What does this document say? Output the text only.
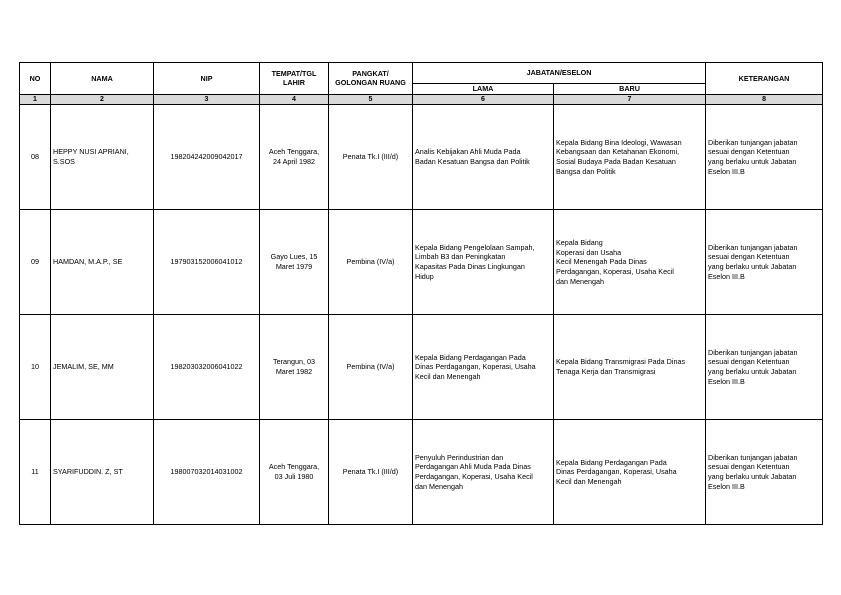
NO	NAMA	NIP	TEMPAT/TGL
LAHIR	PANGKAT/
GOLONGAN RUANG	JABATAN/ESELON		KETERANGAN
					LAMA	BARU	
1	2	3	4	5	6	7	8
08	HEPPY NUSI APRIANI,
S.SOS	198204242009042017	Aceh Tenggara,
24 April 1982	Penata Tk.I (III/d)	Analis Kebijakan Ahli Muda Pada
Badan Kesatuan Bangsa dan Politik	Kepala Bidang Bina Ideologi, Wawasan
Kebangsaan dan Ketahanan Ekonomi,
Sosial Budaya Pada Badan Kesatuan
Bangsa dan Politik	Diberikan tunjangan jabatan
sesuai dengan Ketentuan
yang berlaku untuk Jabatan
Eselon III.B
09	HAMDAN, M.A.P., SE	197903152006041012	Gayo Lues, 15
Maret 1979	Pembina (IV/a)	Kepala Bidang Pengelolaan Sampah,
Limbah B3 dan Peningkatan
Kapasitas Pada Dinas Lingkungan
Hidup	Kepala Bidang
Koperasi dan Usaha
Kecil Menengah Pada Dinas
Perdagangan, Koperasi, Usaha Kecil
dan Menengah	Diberikan tunjangan jabatan
sesuai dengan Ketentuan
yang berlaku untuk Jabatan
Eselon III.B
10	JEMALIM, SE, MM	198203032006041022	Terangun, 03
Maret 1982	Pembina (IV/a)	Kepala Bidang Perdagangan Pada
Dinas Perdagangan, Koperasi, Usaha
Kecil dan Menengah	Kepala Bidang Transmigrasi Pada Dinas
Tenaga Kerja dan Transmigrasi	Diberikan tunjangan jabatan
sesuai dengan Ketentuan
yang berlaku untuk Jabatan
Eselon III.B
11	SYARIFUDDIN. Z, ST	198007032014031002	Aceh Tenggara,
03 Juli 1980	Penata Tk.I (III/d)	Penyuluh Perindustrian dan
Perdagangan Ahli Muda Pada Dinas
Perdagangan, Koperasi, Usaha Kecil
dan Menengah	Kepala Bidang Perdagangan Pada
Dinas Perdagangan, Koperasi, Usaha
Kecil dan Menengah	Diberikan tunjangan jabatan
sesuai dengan Ketentuan
yang berlaku untuk Jabatan
Eselon III.B
